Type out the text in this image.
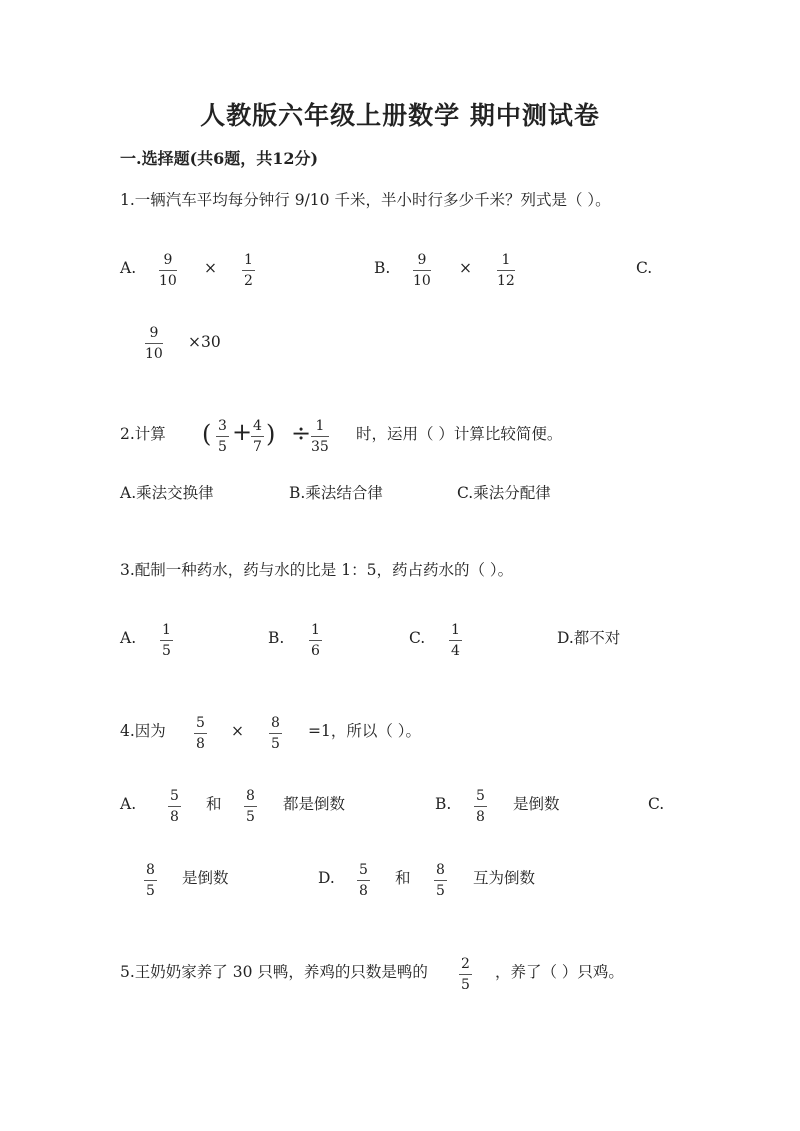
人教版六年级上册数学 期中测试卷
一.选择题(共6题，共12分)
1.一辆汽车平均每分钟行 9/10 千米，半小时行多少千米？列式是（ ）。
A. 9
10
× 1
2
B. 9
10
× 1
12
C.
9
10
×30
2.计算 ( 3
5
+ 4
7 ) ÷ 1
35
时，运用（ ）计算比较简便。
A.乘法交换律	B.乘法结合律	C.乘法分配律
3.配制一种药水，药与水的比是 1：5，药占药水的（ ）。
A. 1
5
B. 1
6
C. 1
4
D.都不对
4.因为 5
8
× 8
5
=1，所以（ ）。
A. 5
8
和 8
5
都是倒数	B. 5
8
是倒数	C.
8
5
是倒数	D. 5
8
和 8
5
互为倒数
5.王奶奶家养了 30 只鸭，养鸡的只数是鸭的 2
5
，养了（ ）只鸡。
